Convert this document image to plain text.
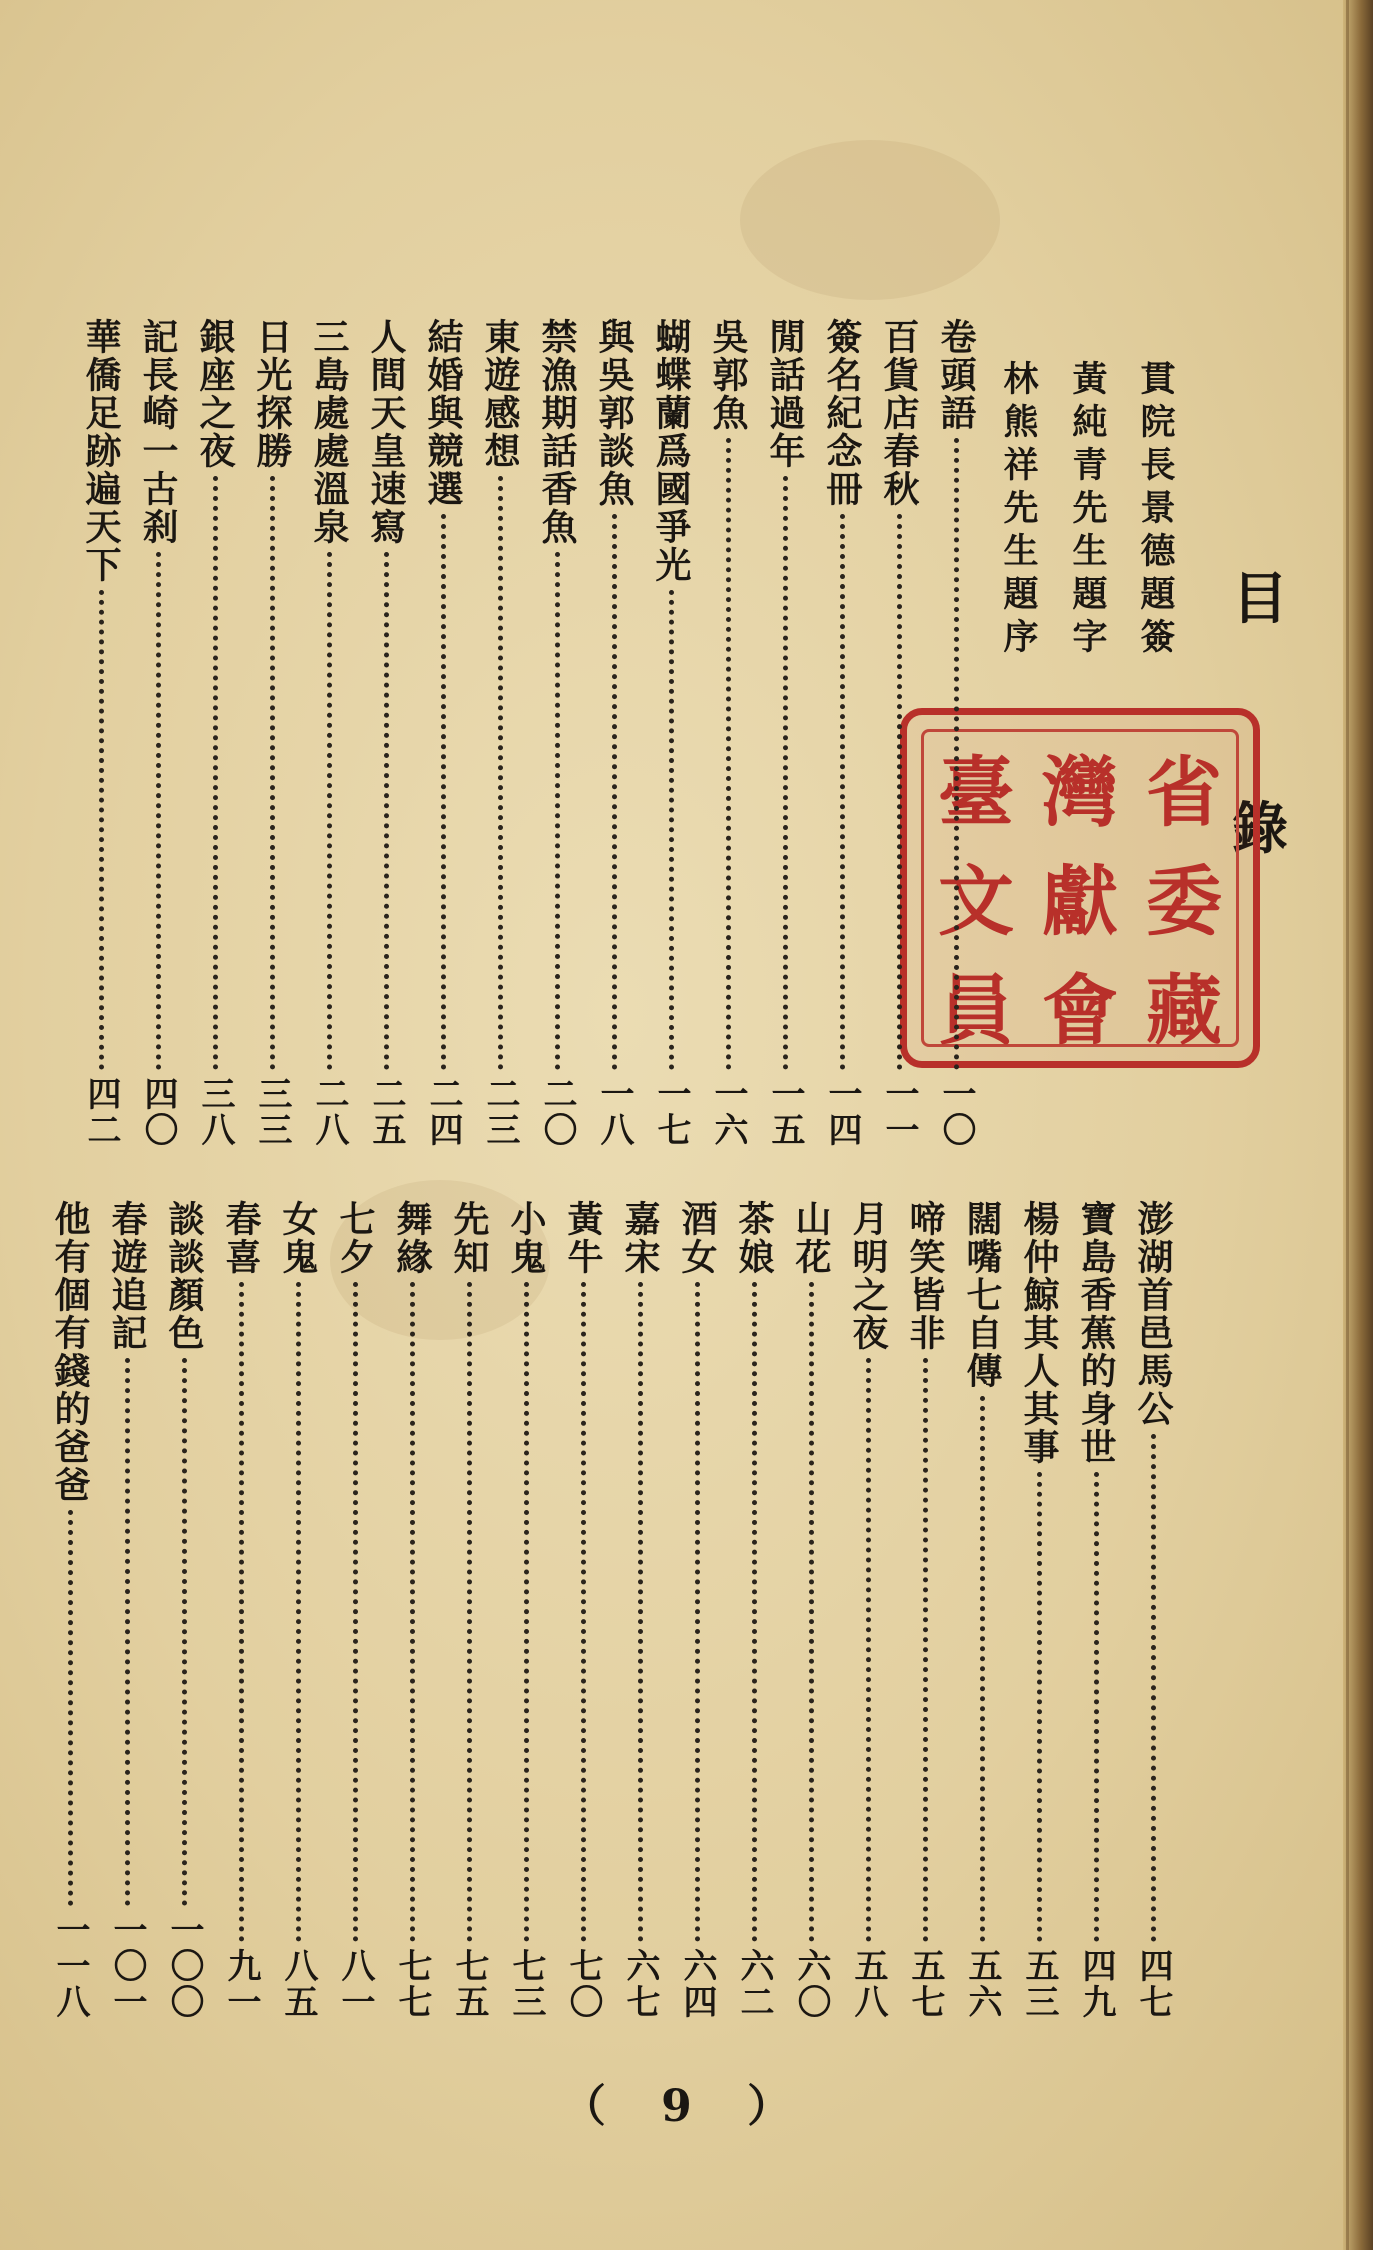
目
錄
貫院長景德題簽
黃純青先生題字
林熊祥先生題序
臺 灣 省
文 獻 委
員 會 藏
卷頭語
一〇
百貨店春秋
一一
簽名紀念冊
一四
閒話過年
一五
吳郭魚
一六
蝴蝶蘭爲國爭光
一七
與吳郭談魚
一八
禁漁期話香魚
二〇
東遊感想
二三
結婚與競選
二四
人間天皇速寫
二五
三島處處溫泉
二八
日光探勝
三三
銀座之夜
三八
記長崎一古刹
四〇
華僑足跡遍天下
四二
澎湖首邑馬公
四七
寶島香蕉的身世
四九
楊仲鯨其人其事
五三
闊嘴七自傳
五六
啼笑皆非
五七
月明之夜
五八
山花
六〇
茶娘
六二
酒女
六四
嘉宋
六七
黃牛
七〇
小鬼
七三
先知
七五
舞緣
七七
七夕
八一
女鬼
八五
春喜
九一
談談顏色
一〇〇
春遊追記
一〇一
他有個有錢的爸爸
一一八
（ 9 ）
